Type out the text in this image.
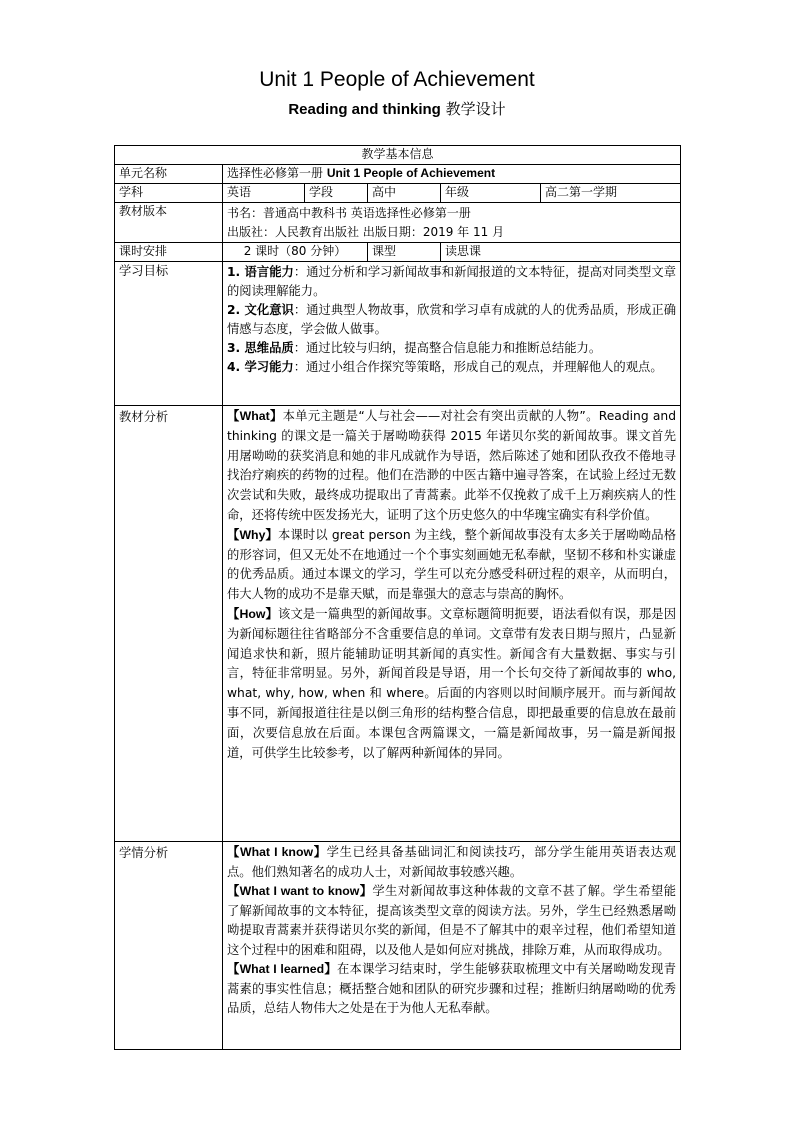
Unit 1 People of Achievement
Reading and thinking 教学设计
教学基本信息					
单元名称	选择性必修第一册 Unit 1 People of Achievement				
学科	英语	学段	高中	年级	高二第一学期
教材版本	书名：普通高中教科书 英语选择性必修第一册
出版社：人民教育出版社 出版日期：2019 年 11 月				

课时安排	2 课时（80 分钟）		课型	读思课	
学习目标	1. 语言能力：通过分析和学习新闻故事和新闻报道的文本特征，提高对同类型文章的阅读理解能力。
2. 文化意识：通过典型人物故事，欣赏和学习卓有成就的人的优秀品质，形成正确情感与态度，学会做人做事。
3. 思维品质：通过比较与归纳，提高整合信息能力和推断总结能力。
4. 学习能力：通过小组合作探究等策略，形成自己的观点，并理解他人的观点。				

教材分析	【What】本单元主题是“人与社会——对社会有突出贡献的人物”。Reading and thinking 的课文是一篇关于屠呦呦获得 2015 年诺贝尔奖的新闻故事。课文首先用屠呦呦的获奖消息和她的非凡成就作为导语，然后陈述了她和团队孜孜不倦地寻找治疗痢疾的药物的过程。他们在浩渺的中医古籍中遍寻答案，在试验上经过无数次尝试和失败，最终成功提取出了青蒿素。此举不仅挽救了成千上万痢疾病人的性命，还将传统中医发扬光大，证明了这个历史悠久的中华瑰宝确实有科学价值。
【Why】本课时以 great person 为主线，整个新闻故事没有太多关于屠呦呦品格的形容词，但又无处不在地通过一个个事实刻画她无私奉献，坚韧不移和朴实谦虚的优秀品质。通过本课文的学习，学生可以充分感受科研过程的艰辛，从而明白，伟大人物的成功不是靠天赋，而是靠强大的意志与崇高的胸怀。
【How】该文是一篇典型的新闻故事。文章标题简明扼要，语法看似有误，那是因为新闻标题往往省略部分不含重要信息的单词。文章带有发表日期与照片，凸显新闻追求快和新，照片能辅助证明其新闻的真实性。新闻含有大量数据、事实与引言，特征非常明显。另外，新闻首段是导语，用一个长句交待了新闻故事的 who, what, why, how, when 和 where。后面的内容则以时间顺序展开。而与新闻故事不同，新闻报道往往是以倒三角形的结构整合信息，即把最重要的信息放在最前面，次要信息放在后面。本课包含两篇课文，一篇是新闻故事，另一篇是新闻报道，可供学生比较参考，以了解两种新闻体的异同。				

学情分析	【What I know】学生已经具备基础词汇和阅读技巧，部分学生能用英语表达观点。他们熟知著名的成功人士，对新闻故事较感兴趣。
【What I want to know】学生对新闻故事这种体裁的文章不甚了解。学生希望能了解新闻故事的文本特征，提高该类型文章的阅读方法。另外，学生已经熟悉屠呦呦提取青蒿素并获得诺贝尔奖的新闻，但是不了解其中的艰辛过程，他们希望知道这个过程中的困难和阻碍，以及他人是如何应对挑战，排除万难，从而取得成功。
【What I learned】在本课学习结束时，学生能够获取梳理文中有关屠呦呦发现青蒿素的事实性信息；概括整合她和团队的研究步骤和过程；推断归纳屠呦呦的优秀品质，总结人物伟大之处是在于为他人无私奉献。				
